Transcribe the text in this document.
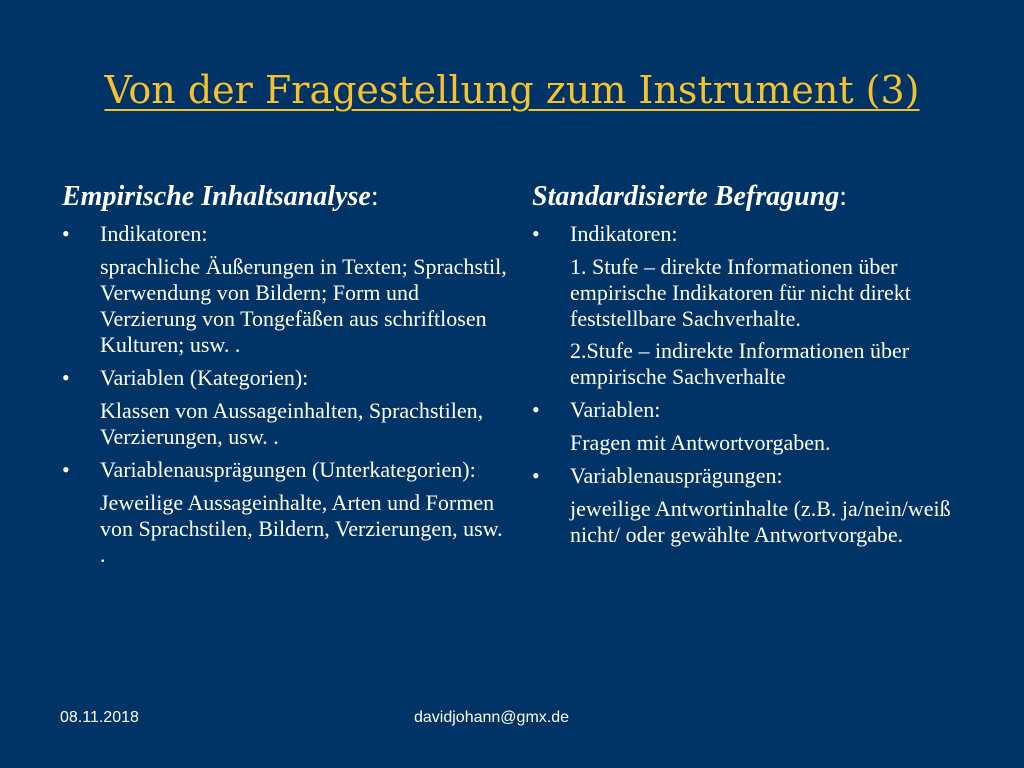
Von der Fragestellung zum Instrument (3)
Empirische Inhaltsanalyse:
• Indikatoren:
sprachliche Äußerungen in Texten; Sprachstil, Verwendung von Bildern; Form und Verzierung von Tongefäßen aus schriftlosen Kulturen; usw. .
• Variablen (Kategorien):
Klassen von Aussageinhalten, Sprachstilen, Verzierungen, usw. .
• Variablenausprägungen (Unterkategorien):
Jeweilige Aussageinhalte, Arten und Formen von Sprachstilen, Bildern, Verzierungen, usw. .
Standardisierte Befragung:
• Indikatoren:
1. Stufe – direkte Informationen über empirische Indikatoren für nicht direkt feststellbare Sachverhalte.
2.Stufe – indirekte Informationen über empirische Sachverhalte
• Variablen:
Fragen mit Antwortvorgaben.
• Variablenausprägungen:
jeweilige Antwortinhalte (z.B. ja/nein/weiß nicht/ oder gewählte Antwortvorgabe.
08.11.2018	davidjohann@gmx.de
